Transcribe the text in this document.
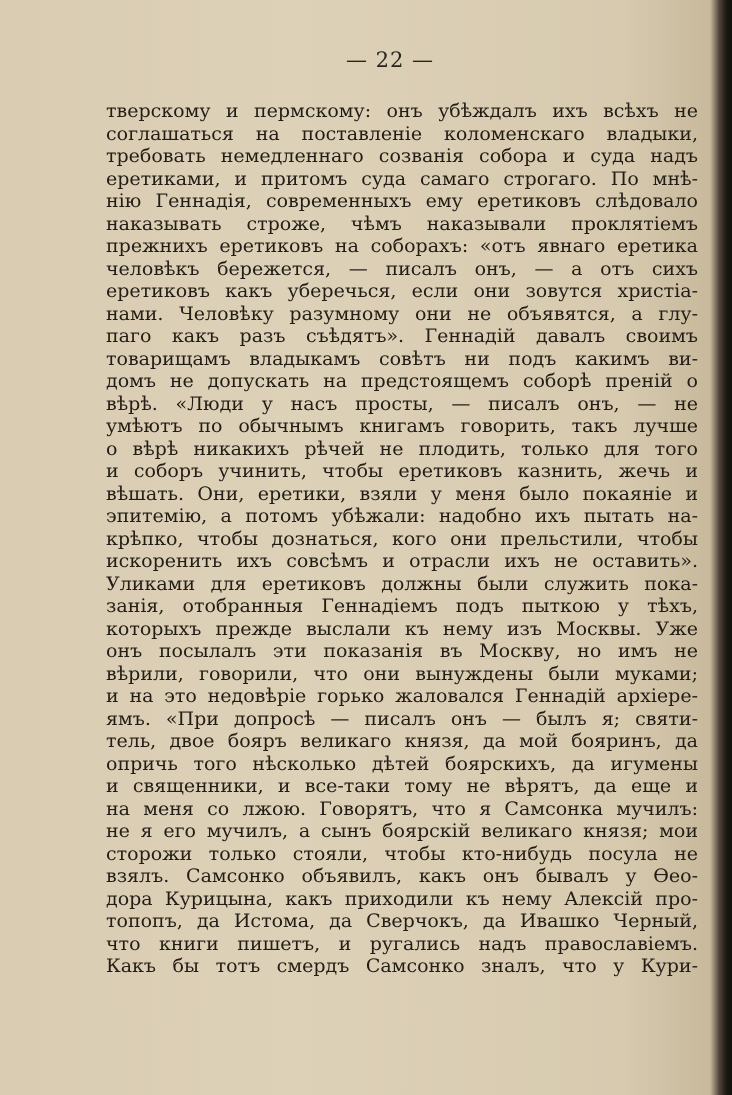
— 22 —
тверскому и пермскому: онъ убѣждалъ ихъ всѣхъ не
соглашаться на поставленіе коломенскаго владыки,
требовать немедленнаго созванія собора и суда надъ
еретиками, и притомъ суда самаго строгаго. По мнѣ-
нію Геннадія, современныхъ ему еретиковъ слѣдовало
наказывать строже, чѣмъ наказывали проклятіемъ
прежнихъ еретиковъ на соборахъ: «отъ явнаго еретика
человѣкъ бережется, — писалъ онъ, — а отъ сихъ
еретиковъ какъ уберечься, если они зовутся христіа-
нами. Человѣку разумному они не объявятся, а глу-
паго какъ разъ съѣдятъ». Геннадій давалъ своимъ
товарищамъ владыкамъ совѣтъ ни подъ какимъ ви-
домъ не допускать на предстоящемъ соборѣ преній о
вѣрѣ. «Люди у насъ просты, — писалъ онъ, — не
умѣютъ по обычнымъ книгамъ говорить, такъ лучше
о вѣрѣ никакихъ рѣчей не плодить, только для того
и соборъ учинить, чтобы еретиковъ казнить, жечь и
вѣшать. Они, еретики, взяли у меня было покаяніе и
эпитемію, а потомъ убѣжали: надобно ихъ пытать на-
крѣпко, чтобы дознаться, кого они прельстили, чтобы
искоренить ихъ совсѣмъ и отрасли ихъ не оставить».
Уликами для еретиковъ должны были служить пока-
занія, отобранныя Геннадіемъ подъ пыткою у тѣхъ,
которыхъ прежде выслали къ нему изъ Москвы. Уже
онъ посылалъ эти показанія въ Москву, но имъ не
вѣрили, говорили, что они вынуждены были муками;
и на это недовѣріе горько жаловался Геннадій архіере-
ямъ. «При допросѣ — писалъ онъ — былъ я; святи-
тель, двое бояръ великаго князя, да мой бояринъ, да
опричь того нѣсколько дѣтей боярскихъ, да игумены
и священники, и все-таки тому не вѣрятъ, да еще и
на меня со лжою. Говорятъ, что я Самсонка мучилъ:
не я его мучилъ, а сынъ боярскій великаго князя; мои
сторожи только стояли, чтобы кто-нибудь посула не
взялъ. Самсонко объявилъ, какъ онъ бывалъ у Ѳеo-
дора Курицына, какъ приходили къ нему Алексій про-
топопъ, да Истома, да Сверчокъ, да Ивашко Черный,
что книги пишетъ, и ругались надъ православіемъ.
Какъ бы тотъ смердъ Самсонко зналъ, что у Кури-
